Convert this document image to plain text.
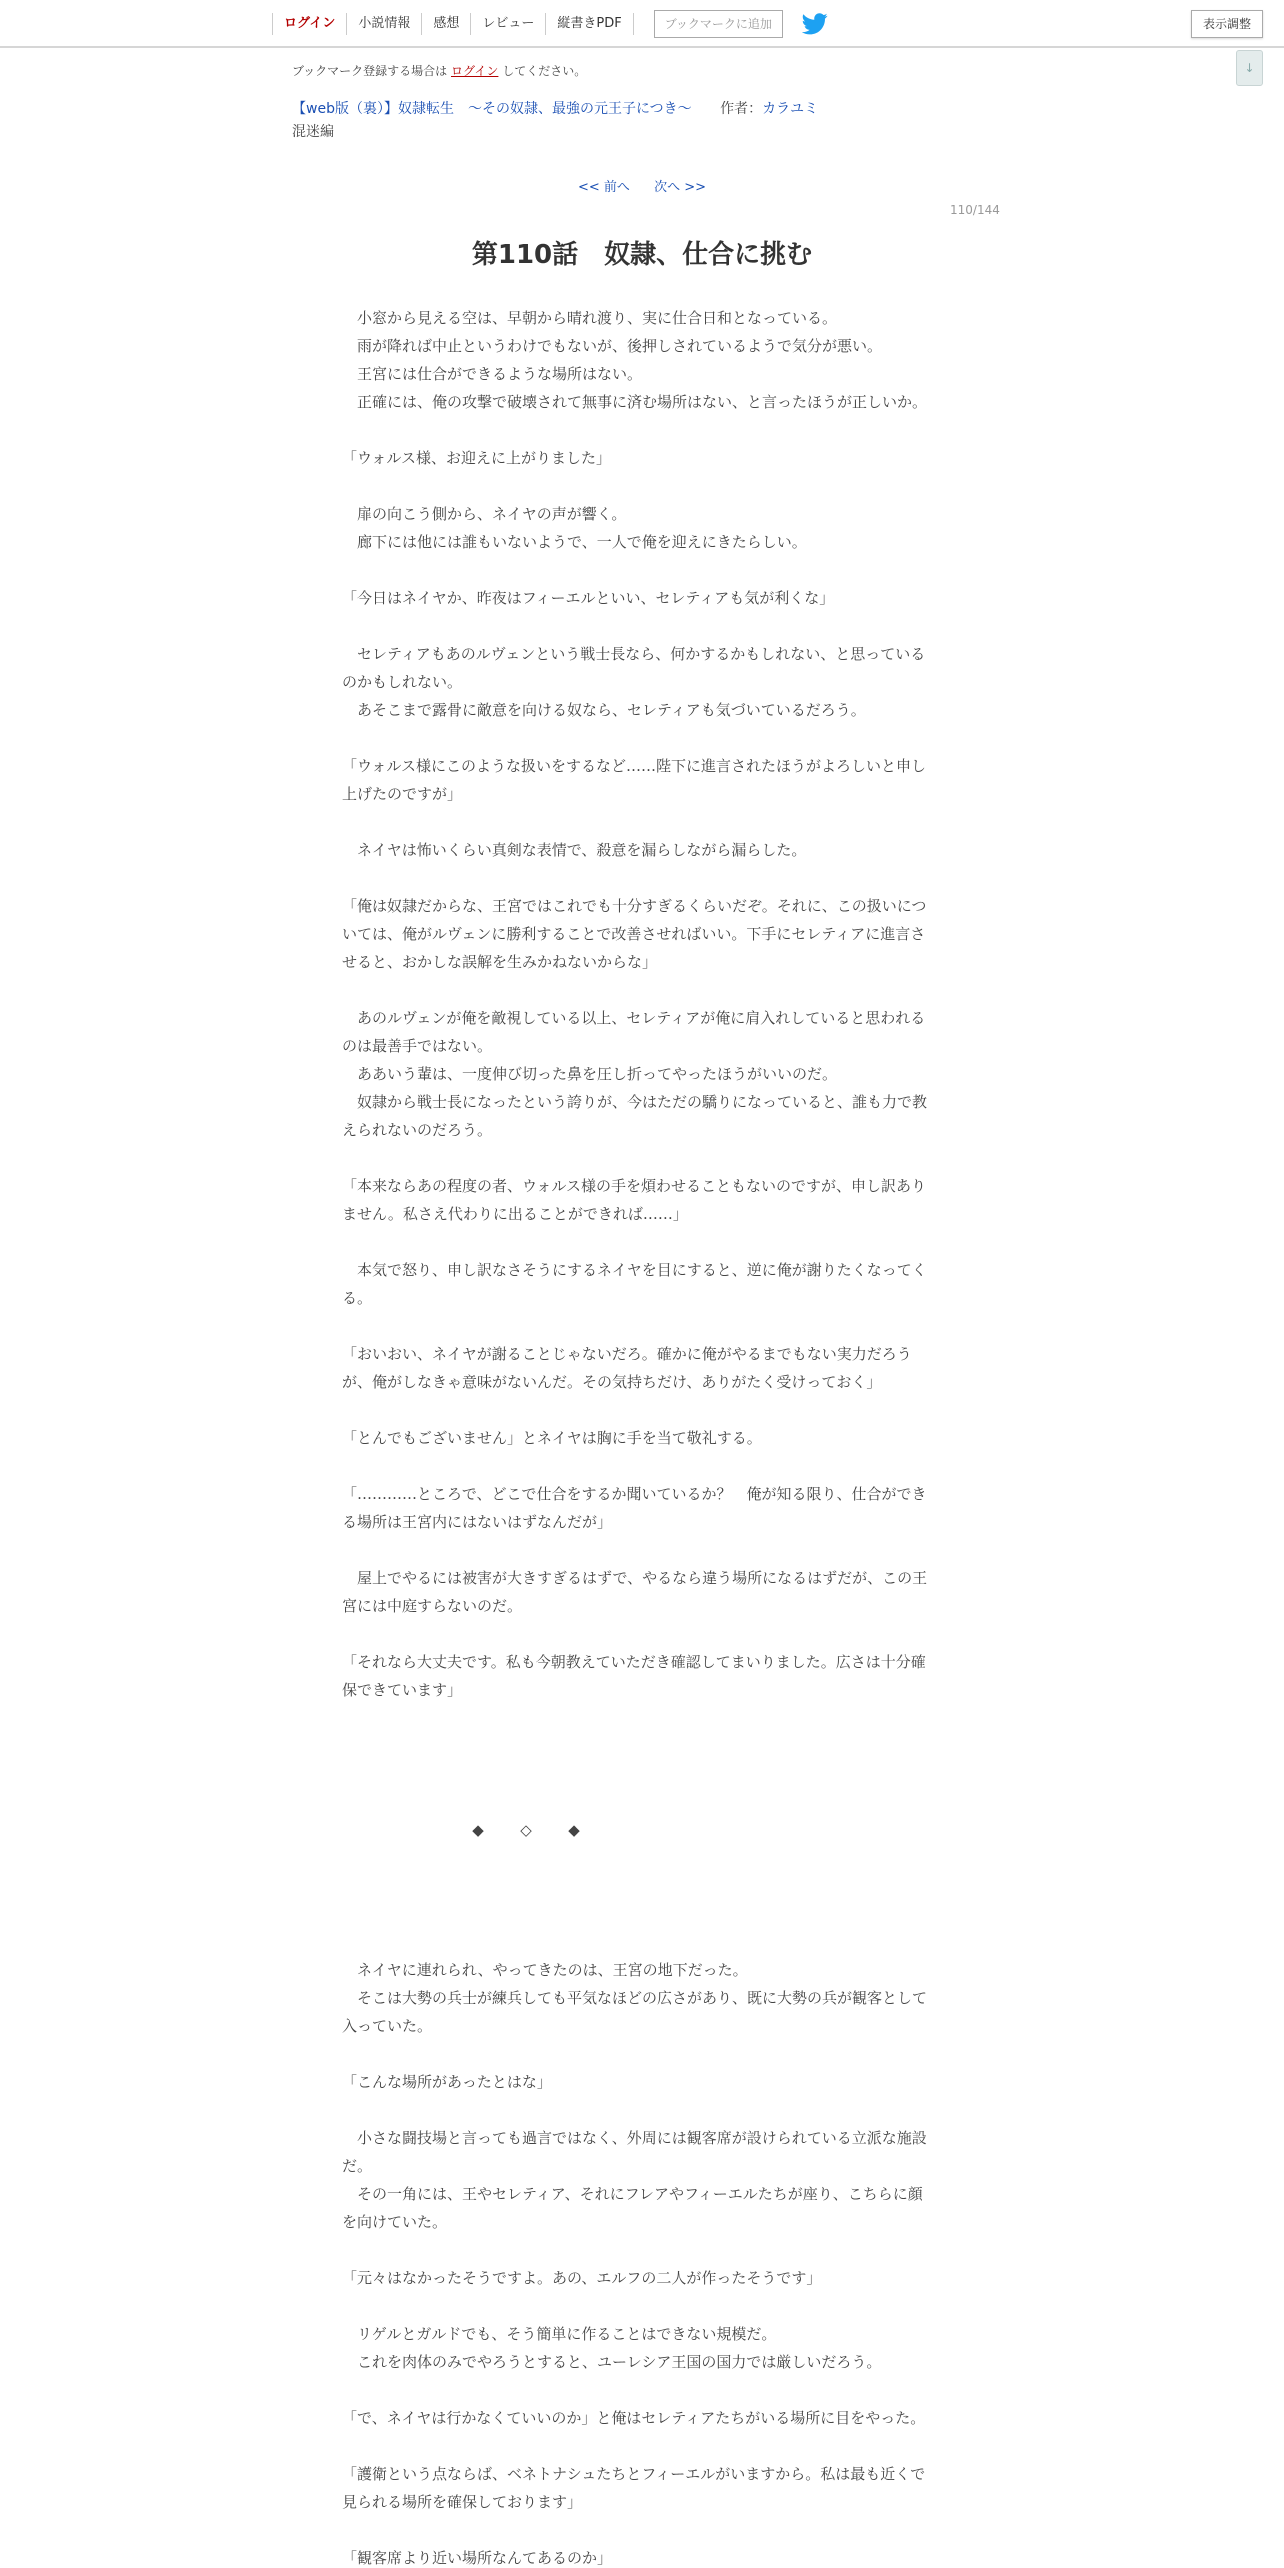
ログイン	小説情報	感想	レビュー	縦書きPDF	ブックマークに追加	表示調整
↓
ブックマーク登録する場合は ログイン してください。
【web版（裏）】奴隷転生　～その奴隷、最強の元王子につき～ 作者：カラユミ
混迷編
<< 前へ 次へ >>
110/144
第110話　奴隷、仕合に挑む
　小窓から見える空は、早朝から晴れ渡り、実に仕合日和となっている。
　雨が降れば中止というわけでもないが、後押しされているようで気分が悪い。
　王宮には仕合ができるような場所はない。
　正確には、俺の攻撃で破壊されて無事に済む場所はない、と言ったほうが正しいか。
「ウォルス様、お迎えに上がりました」
　扉の向こう側から、ネイヤの声が響く。
　廊下には他には誰もいないようで、一人で俺を迎えにきたらしい。
「今日はネイヤか、昨夜はフィーエルといい、セレティアも気が利くな」
　セレティアもあのルヴェンという戦士長なら、何かするかもしれない、と思っているのかもしれない。
　あそこまで露骨に敵意を向ける奴なら、セレティアも気づいているだろう。
「ウォルス様にこのような扱いをするなど……陛下に進言されたほうがよろしいと申し上げたのですが」
　ネイヤは怖いくらい真剣な表情で、殺意を漏らしながら漏らした。
「俺は奴隷だからな、王宮ではこれでも十分すぎるくらいだぞ。それに、この扱いについては、俺がルヴェンに勝利することで改善させればいい。下手にセレティアに進言させると、おかしな誤解を生みかねないからな」
　あのルヴェンが俺を敵視している以上、セレティアが俺に肩入れしていると思われるのは最善手ではない。
　ああいう輩は、一度伸び切った鼻を圧し折ってやったほうがいいのだ。
　奴隷から戦士長になったという誇りが、今はただの驕りになっていると、誰も力で教えられないのだろう。
「本来ならあの程度の者、ウォルス様の手を煩わせることもないのですが、申し訳ありません。私さえ代わりに出ることができれば……」
　本気で怒り、申し訳なさそうにするネイヤを目にすると、逆に俺が謝りたくなってくる。
「おいおい、ネイヤが謝ることじゃないだろ。確かに俺がやるまでもない実力だろうが、俺がしなきゃ意味がないんだ。その気持ちだけ、ありがたく受けっておく」
「とんでもございません」とネイヤは胸に手を当て敬礼する。
「…………ところで、どこで仕合をするか聞いているか？　俺が知る限り、仕合ができる場所は王宮内にはないはずなんだが」
　屋上でやるには被害が大きすぎるはずで、やるなら違う場所になるはずだが、この王宮には中庭すらないのだ。
「それなら大丈夫です。私も今朝教えていただき確認してまいりました。広さは十分確保できています」
◆ ◇ ◆
　ネイヤに連れられ、やってきたのは、王宮の地下だった。
　そこは大勢の兵士が練兵しても平気なほどの広さがあり、既に大勢の兵が観客として入っていた。
「こんな場所があったとはな」
　小さな闘技場と言っても過言ではなく、外周には観客席が設けられている立派な施設だ。
　その一角には、王やセレティア、それにフレアやフィーエルたちが座り、こちらに顔を向けていた。
「元々はなかったそうですよ。あの、エルフの二人が作ったそうです」
　リゲルとガルドでも、そう簡単に作ることはできない規模だ。
　これを肉体のみでやろうとすると、ユーレシア王国の国力では厳しいだろう。
「で、ネイヤは行かなくていいのか」と俺はセレティアたちがいる場所に目をやった。
「護衛という点ならば、ベネトナシュたちとフィーエルがいますから。私は最も近くで見られる場所を確保しております」
「観客席より近い場所なんてあるのか」
